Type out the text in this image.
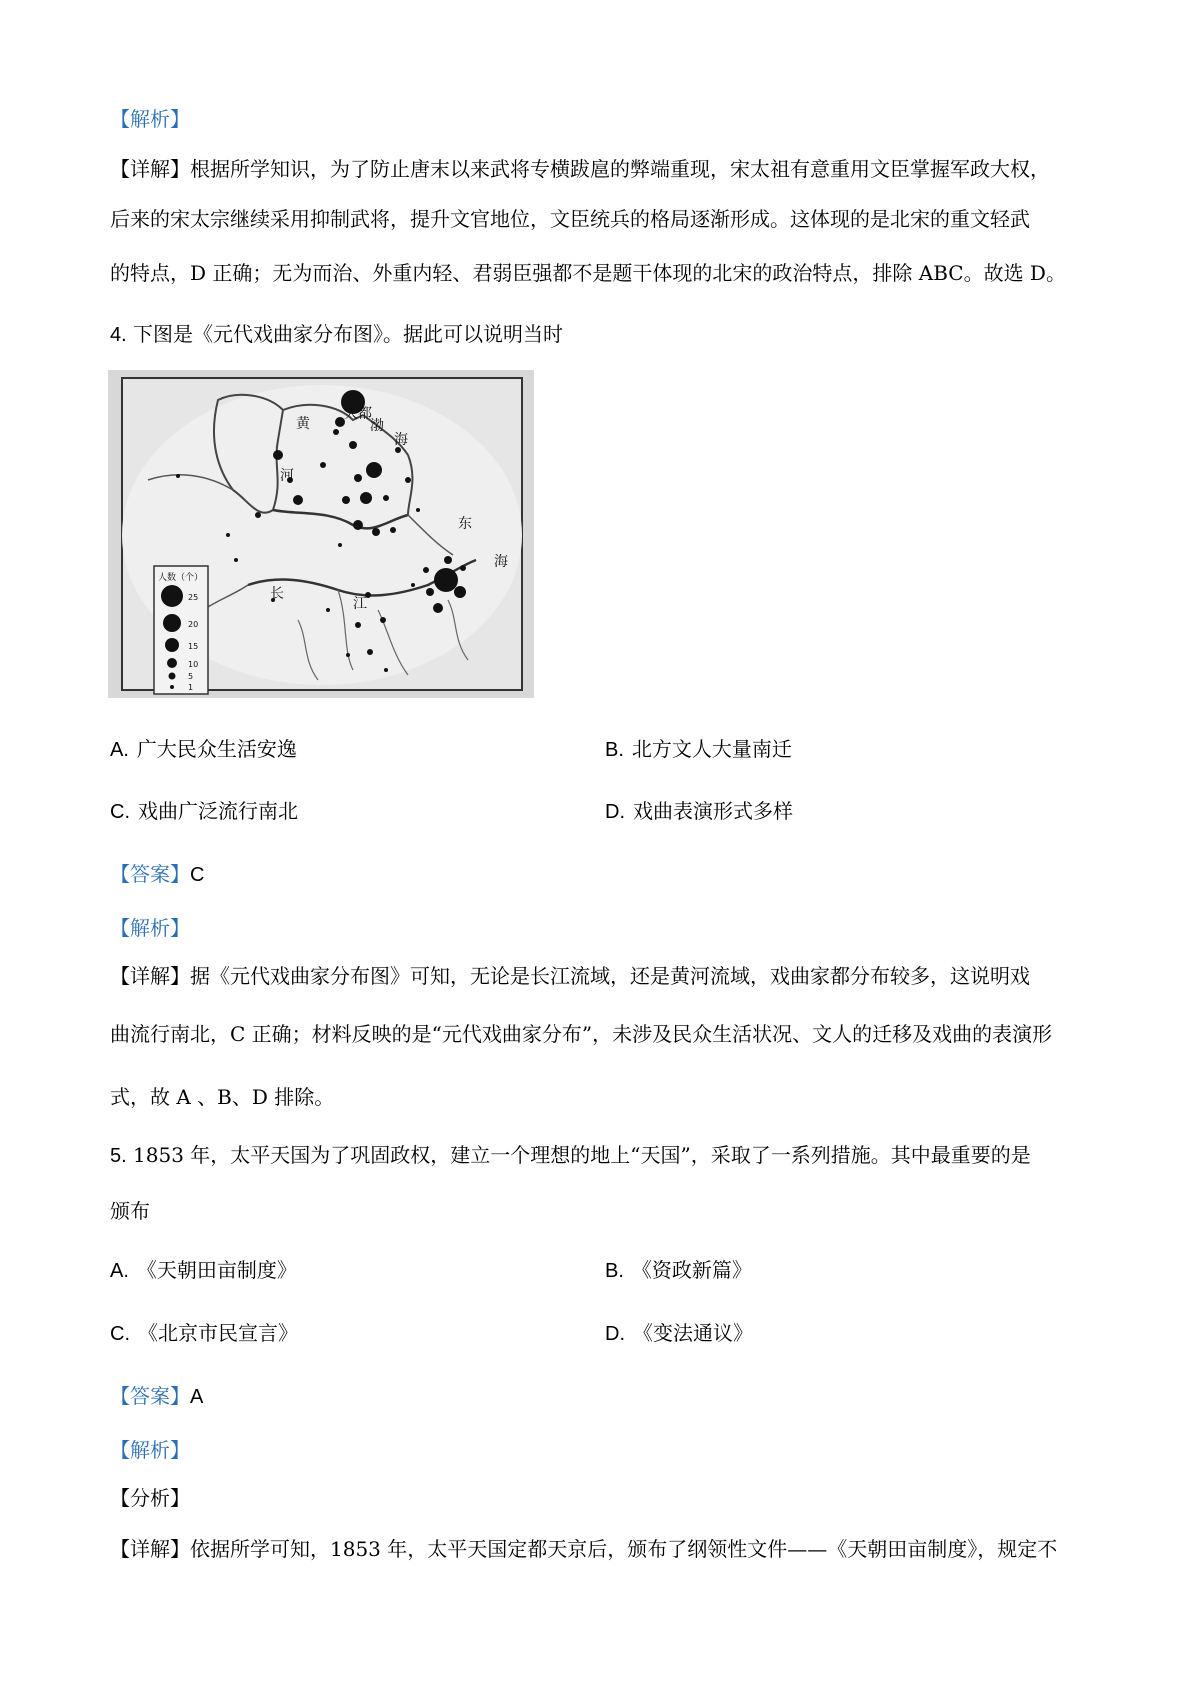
【解析】
【详解】根据所学知识，为了防止唐末以来武将专横跋扈的弊端重现，宋太祖有意重用文臣掌握军政大权，
后来的宋太宗继续采用抑制武将，提升文官地位，文臣统兵的格局逐渐形成。这体现的是北宋的重文轻武
的特点，D 正确；无为而治、外重内轻、君弱臣强都不是题干体现的北宋的政治特点，排除 ABC。故选 D。
4. 下图是《元代戏曲家分布图》。据此可以说明当时
大都
黄	渤
海
河
东
海
长
江
人数（个）
25
20
15
10
5
1
A. 广大民众生活安逸	B. 北方文人大量南迁
C. 戏曲广泛流行南北	D. 戏曲表演形式多样
【答案】C
【解析】
【详解】据《元代戏曲家分布图》可知，无论是长江流域，还是黄河流域，戏曲家都分布较多，这说明戏
曲流行南北，C 正确；材料反映的是“元代戏曲家分布”，未涉及民众生活状况、文人的迁移及戏曲的表演形
式，故 A 、B、D 排除。
5. 1853 年，太平天国为了巩固政权，建立一个理想的地上“天国”，采取了一系列措施。其中最重要的是
颁布
A. 《天朝田亩制度》	B. 《资政新篇》
C. 《北京市民宣言》	D. 《变法通议》
【答案】A
【解析】
【分析】
【详解】依据所学可知，1853 年，太平天国定都天京后，颁布了纲领性文件——《天朝田亩制度》，规定不
